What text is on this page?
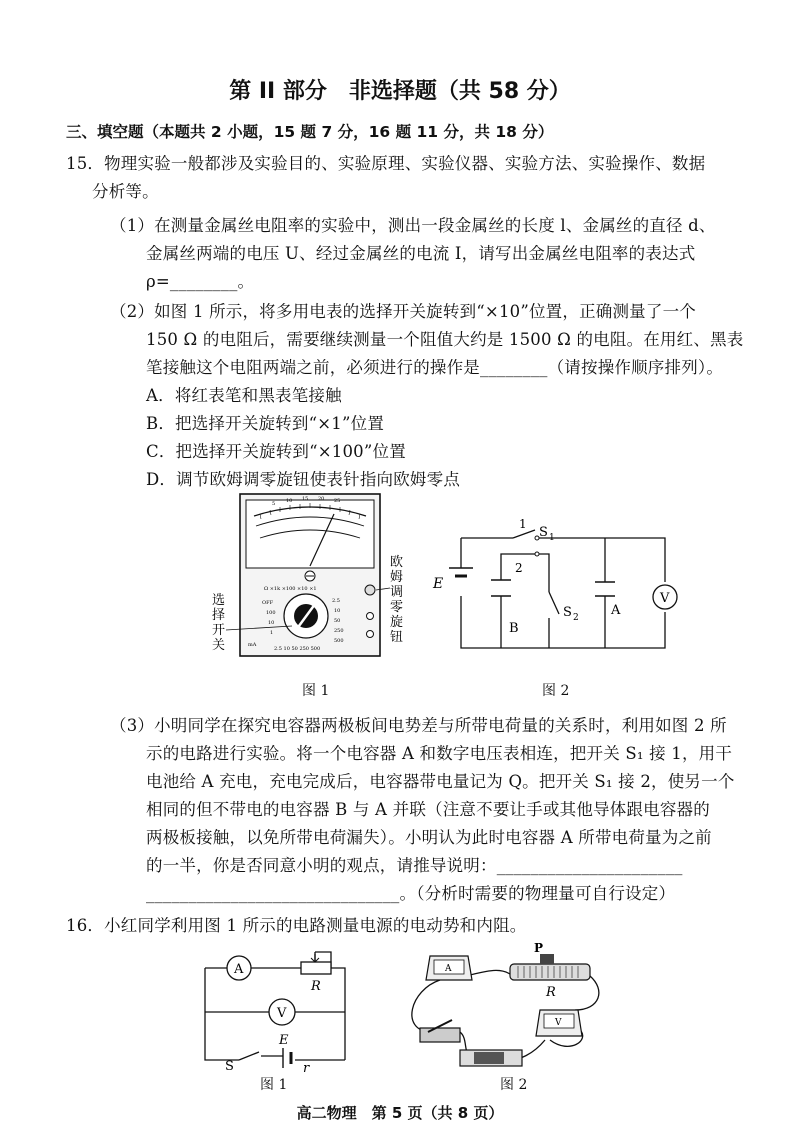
第 II 部分　非选择题（共 58 分）
三、填空题（本题共 2 小题，15 题 7 分，16 题 11 分，共 18 分）
15．物理实验一般都涉及实验目的、实验原理、实验仪器、实验方法、实验操作、数据
分析等。
（1）在测量金属丝电阻率的实验中，测出一段金属丝的长度 l、金属丝的直径 d、
金属丝两端的电压 U、经过金属丝的电流 I，请写出金属丝电阻率的表达式
ρ=________。
（2）如图 1 所示，将多用电表的选择开关旋转到“×10”位置，正确测量了一个
150 Ω 的电阻后，需要继续测量一个阻值大约是 1500 Ω 的电阻。在用红、黑表
笔接触这个电阻两端之前，必须进行的操作是________（请按操作顺序排列）。
A．将红表笔和黑表笔接触
B．把选择开关旋转到“×1”位置
C．把选择开关旋转到“×100”位置
D．调节欧姆调零旋钮使表针指向欧姆零点
5 10 15 20 25
Ω ×1k ×100 ×10 ×1
OFF
100
10
1
2.5
10
50
250
500
2.5 10 50 250 500
mA
选
择
开
关
欧
姆
调
零
旋
钮
图 1
V
E
1
2
S 1
S 2
B
A
图 2
（3）小明同学在探究电容器两极板间电势差与所带电荷量的关系时，利用如图 2 所
示的电路进行实验。将一个电容器 A 和数字电压表相连，把开关 S₁ 接 1，用干
电池给 A 充电，充电完成后，电容器带电量记为 Q。把开关 S₁ 接 2，使另一个
相同的但不带电的电容器 B 与 A 并联（注意不要让手或其他导体跟电容器的
两极板接触，以免所带电荷漏失）。小明认为此时电容器 A 所带电荷量为之前
的一半，你是否同意小明的观点，请推导说明：______________________
______________________________。（分析时需要的物理量可自行设定）
16．小红同学利用图 1 所示的电路测量电源的电动势和内阻。
A
R
V
S
E
r
图 1
A
P
R
V
图 2
高二物理　第 5 页（共 8 页）
